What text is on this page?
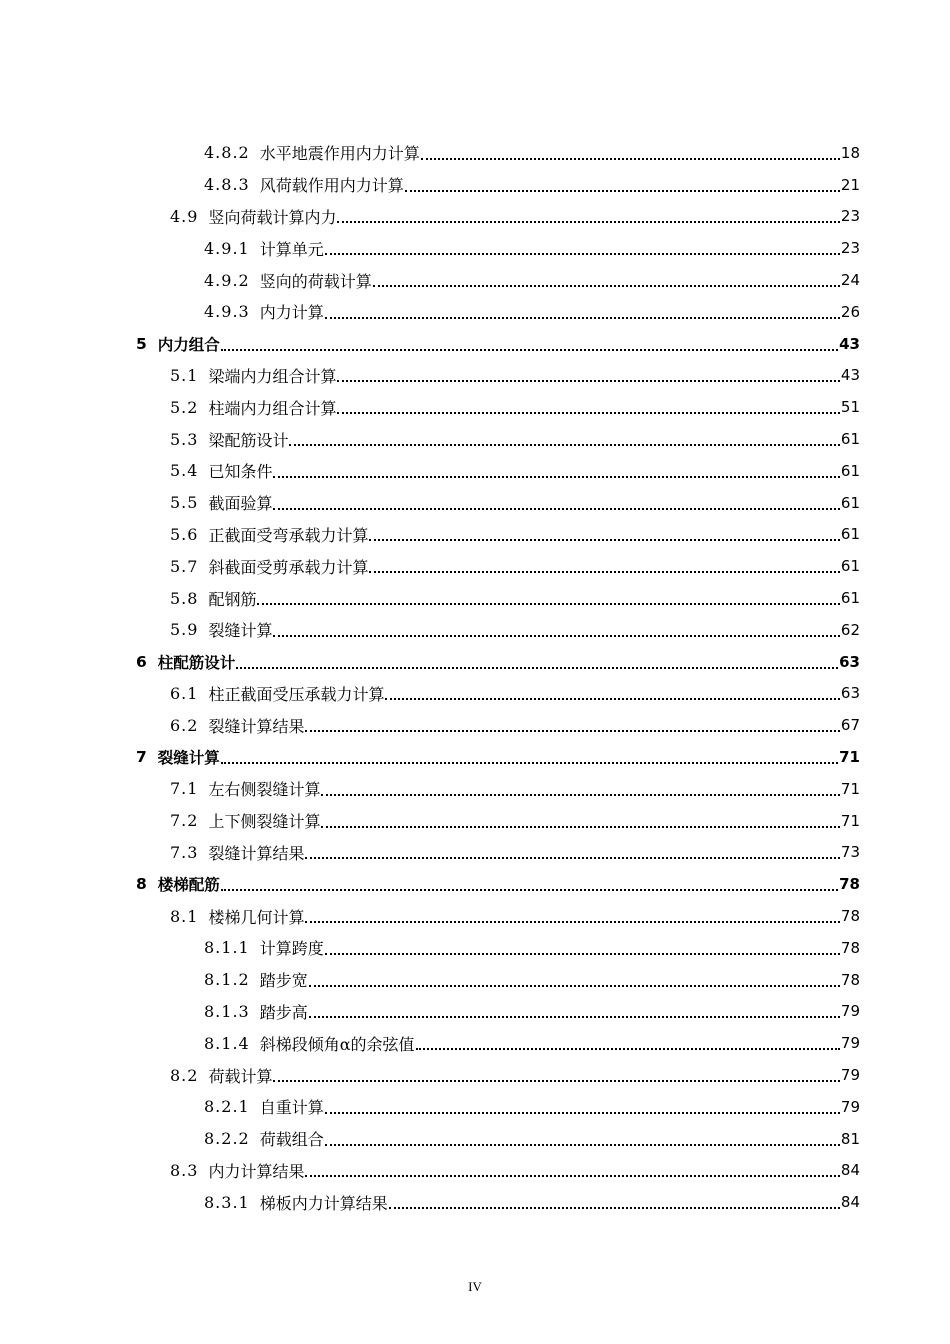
4.8.2 水平地震作用内力计算	18
4.8.3 风荷载作用内力计算	21
4.9 竖向荷载计算内力	23
4.9.1 计算单元	23
4.9.2 竖向的荷载计算	24
4.9.3 内力计算	26
5 内力组合	43
5.1 梁端内力组合计算	43
5.2 柱端内力组合计算	51
5.3 梁配筋设计	61
5.4 已知条件	61
5.5 截面验算	61
5.6 正截面受弯承载力计算	61
5.7 斜截面受剪承载力计算	61
5.8 配钢筋	61
5.9 裂缝计算	62
6 柱配筋设计	63
6.1 柱正截面受压承载力计算	63
6.2 裂缝计算结果	67
7 裂缝计算	71
7.1 左右侧裂缝计算	71
7.2 上下侧裂缝计算	71
7.3 裂缝计算结果	73
8 楼梯配筋	78
8.1 楼梯几何计算	78
8.1.1 计算跨度	78
8.1.2 踏步宽	78
8.1.3 踏步高	79
8.1.4 斜梯段倾角α的余弦值	79
8.2 荷载计算	79
8.2.1 自重计算	79
8.2.2 荷载组合	81
8.3 内力计算结果	84
8.3.1 梯板内力计算结果	84
IV
